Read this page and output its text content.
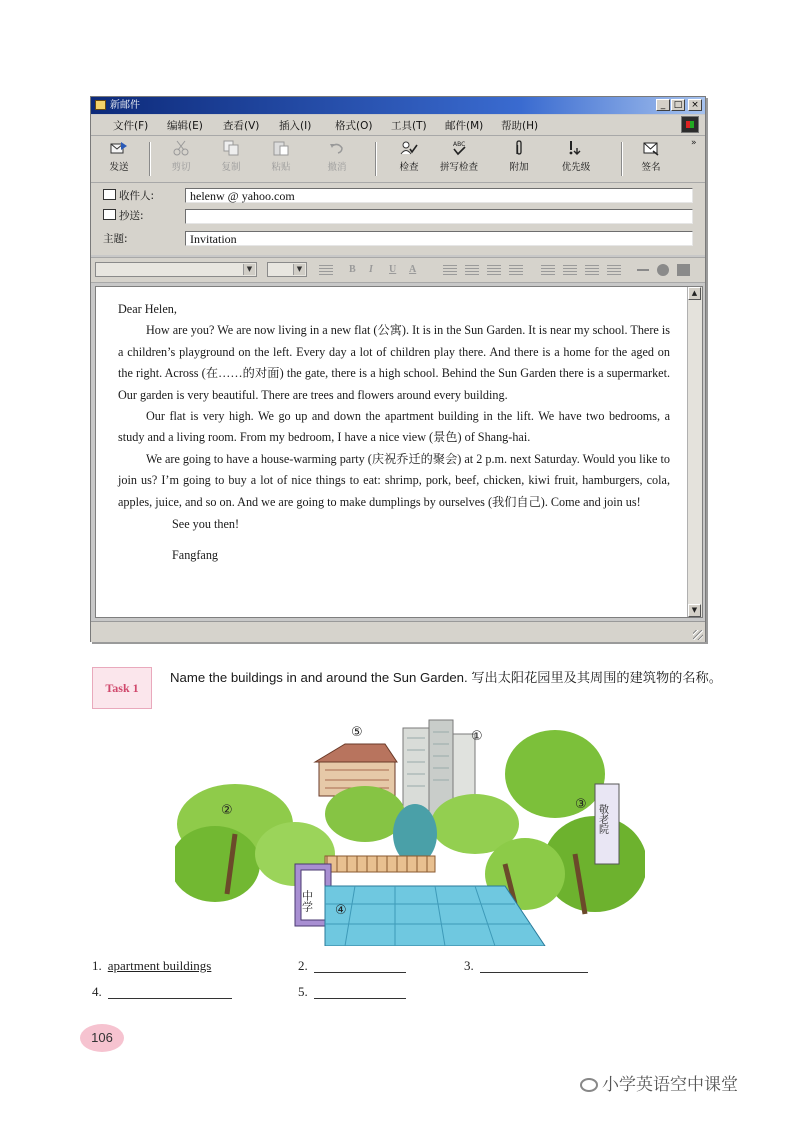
新邮件	_ □ ×
文件(F) 编辑(E) 查看(V) 插入(I) 格式(O) 工具(T) 邮件(M) 帮助(H)
发送	剪切	复制	粘贴	撤消	检查
ABC
拼写检查	附加	优先级	签名
»
收件人:	helenw @ yahoo.com
抄送:
主题:	Invitation
▼	▼	B I U A

Dear Helen,

How are you? We are now living in a new flat (公寓). It is in the Sun Garden. It is near my school. There is a children’s playground on the left. Every day a lot of children play there. And there is a home for the aged on the right. Across (在……的对面) the gate, there is a high school. Behind the Sun Garden there is a supermarket. Our garden is very beautiful. There are trees and flowers around every building.

Our flat is very high. We go up and down the apartment building in the lift. We have two bedrooms, a study and a living room. From my bedroom, I have a nice view (景色) of Shang-hai.

We are going to have a house-warming party (庆祝乔迁的聚会) at 2 p.m. next Saturday. Would you like to join us? I’m going to buy a lot of nice things to eat: shrimp, pork, beef, chicken, kiwi fruit, hamburgers, cola, apples, juice, and so on. And we are going to make dumplings by ourselves (我们自己). Come and join us!

See you then!

Fangfang

▲
▼
Task 1
Name the buildings in and around the Sun Garden. 写出太阳花园里及其周围的建筑物的名称。
敬老院
中学
⑤	①
②	③
④
1. apartment buildings	2.	3.
4.	5.
106
小学英语空中课堂
